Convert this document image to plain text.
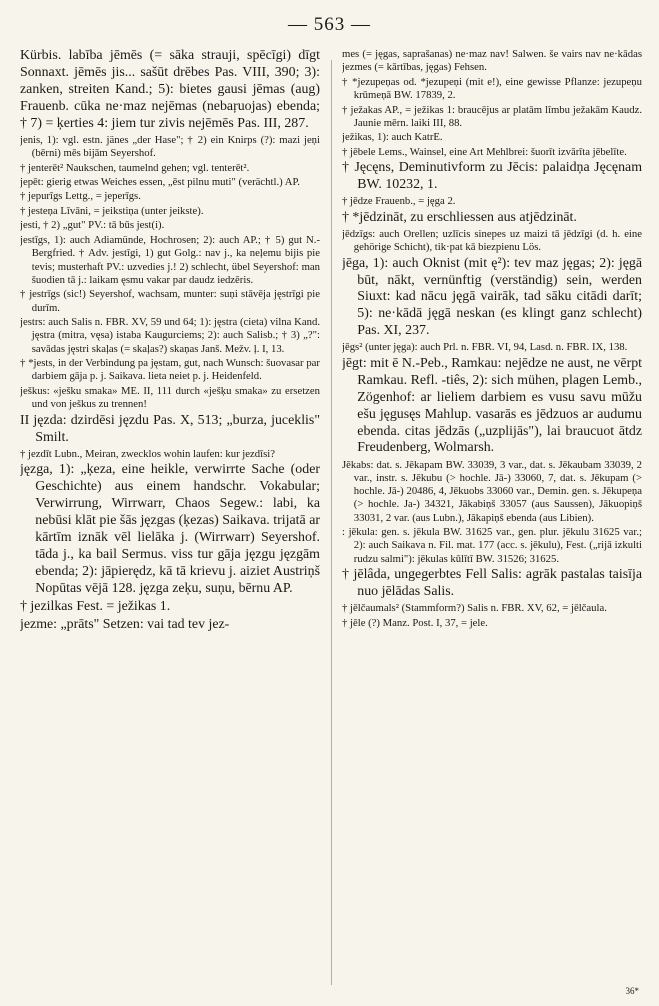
— 563 —

Kürbis. labība jēmēs (= sāka strauji, spēcīgi) dīgt Sonnaxt. jēmēs jis... sašūt drēbes Pas. VIII, 390; 3): zanken, streiten Kand.; 5): bietes gausi jēmas (aug) Frauenb. cūka ne·maz nejēmas (nebaŗuojas) ebenda; † 7) = ķerties 4: jiem tur zivis nejēmēs Pas. III, 287.

jenis, 1): vgl. estn. jänes „der Hase"; † 2) ein Knirps (?): mazi jeņi (bērni) mēs bijām Seyershof.

† jenterēt² Nauksche​n, taumelnd gehen; vgl. tenterēt².

jepēt: gierig etwas Weiches essen, „ēst pilnu muti" (verächtl.) AP.

† jepurīgs Lettg., = jeperīgs.

† jesteņa Līvāni, = jeikstiņa (unter jeikste).

jesti, † 2) „gut" PV.: tā būs jest(i).

jestīgs, 1): auch Adiamünde, Hochrosen; 2): auch AP.; † 5) gut N.-Bergfried. † Adv. jestīgi, 1) gut Golg.: nav j., ka neļemu bijis pie tevis; musterhaft PV.: uzvedies j.! 2) schlecht, übel Seyershof: man šuodien tā j.: laikam ęsmu vakar par daudz iedzēris.

† jestrīgs (sic!) Seyershof, wachsam, munter: suņi stāvēja jęstrīgi pie durīm.

jestrs: auch Salis n. FBR. XV, 59 und 64; 1): jęstra (cieta) vilna Kand. jęstra (mitra, vęsa) istaba Kaugurciems; 2): auch Salisb.; † 3) „?": savādas jęstri skaļas (= skaļas?) skaņas Janš. Mežv. ļ. I, 13.

† *jests, in der Verbindung pa jęstam, gut, nach Wunsch: šuovasar par darbiem gāja p. j. Saikava. lieta neiet p. j. Heidenfeld.

ješkus: «ješku smaka» ME. II, 111 durch «ješķu smaka» zu ersetzen und von ješkus zu trennen!

II jęzda: dzirdēsi jęzdu Pas. X, 513; „burza, juceklis" Smilt.

† jezdīt Lubn., Meiran, zwecklos wohin laufen: kur jezdīsi?

jęzga, 1): „ķeza, eine heikle, verwirrte Sache (oder Geschichte) aus einem handschr. Vokabular; Verwirrung, Wirrwarr, Chaos Segew.: labi, ka nebūsi klāt pie šās jęzgas (ķezas) Saikava. trijatā ar kārtīm iznāk vēl lielāka j. (Wirrwarr) Seyershof. tāda j., ka bail Sermus. viss tur gāja jęzgu jęzgām ebenda; 2): jāpierędz, kā tā krievu j. aiziet Austriņš Nopūtas vējā 128. jęzga zeķu, suņu, bērnu AP.

† jezilkas Fest. = ježikas 1.

jezme: „prāts" Setzen: vai tad tev jez-

mes (= jęgas, saprašanas) ne·maz nav! Salwen. še vairs nav ne·kādas jezmes (= kārtības, jęgas) Fehsen.

† *jezupeņas od. *jezupeņi (mit e!), eine gewisse Pflanze: jezupeņu krūmeņā BW. 17839, 2.

† ježakas AP., = ježikas 1: braucējus ar platām līmbu ježakām Kaudz. Jaunie mērn. laiki III, 88.

ježikas, 1): auch KatrE.

† jēbele Lems., Wainsel, eine Art Mehlbrei: šuorīt izvārīta jēbelīte.

† Jęcęns, Deminutivform zu Jēcis: palaidņa Jęcęnam BW. 10232, 1.

† jēdze Frauenb., = jęga 2.

† *jēdzināt, zu erschliessen aus atjēdzināt.

jēdzīgs: auch Orellen; uzlīcis sinepes uz maizi tā jēdzīgi (d. h. eine gehörige Schicht), tik·pat kā biezpienu Lös.

jēga, 1): auch Oknist (mit ę²): tev maz jęgas; 2): jęgā būt, nākt, vernünftig (verständig) sein, werden Siuxt: kad nācu jęgā vairāk, tad sāku citādi darīt; 5): ne·kādā jęgā neskan (es klingt ganz schlecht) Pas. XI, 237.

jēgs² (unter jęga): auch Prl. n. FBR. VI, 94, Lasd. n. FBR. IX, 138.

jēgt: mit ē N.-Peb., Ramkau: nejēdze ne aust, ne vērpt Ramkau. Refl. -tiês, 2): sich mühen, plagen Lemb., Zögenhof: ar lieliem darbiem es vusu savu mūžu ešu jęgusęs Mahlup. vasarās es jēdzuos ar audumu ebenda. citas jēdzās („uzplijās"), lai braucuot ātdz Freudenberg, Wolmarsh.

Jēkabs: dat. s. Jēkapam BW. 33039, 3 var., dat. s. Jēkaubam 33039, 2 var., instr. s. Jēkubu (> hochle. Jā-) 33060, 7, dat. s. Jēkupam (> hochle. Jā-) 20486, 4, Jēkuobs 33060 var., Demin. gen. s. Jēkupeņa (> hochle. Ja-) 34321, Jākabiņš 33057 (aus Saussen), Jākuopiņš 33031, 2 var. (aus Lubn.), Jākapiņš ebenda (aus Libien).

: jēkula: gen. s. jēkula BW. 31625 var., gen. plur. jēkulu 31625 var.; 2): auch Saikava n. Fil. mat. 177 (acc. s. jēkulu), Fest. („rijā izkulti rudzu salmi"): jēkulas kūlītī BW. 31526; 31625.

† jēlâda, ungegerbtes Fell Salis: agrāk pastalas taisīja nuo jēlādas Salis.

† jēlčaumals² (Stammform?) Salis n. FBR. XV, 62, = jēlčaula.

† jēle (?) Manz. Post. I, 37, = jele.

36*
